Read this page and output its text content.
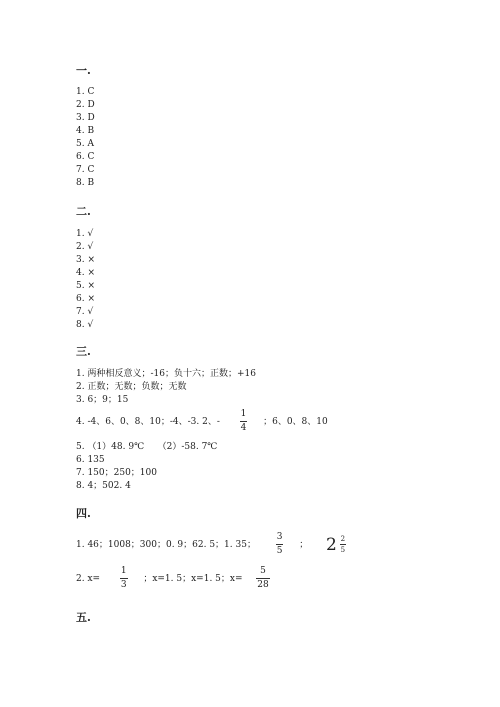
一.
1. C
2. D
3. D
4. B
5. A
6. C
7. C
8. B
二.
1. √
2. √
3. ×
4. ×
5. ×
6. ×
7. √
8. √
三.
1. 两种相反意义；-16；负十六；正数；+16
2. 正数；无数；负数；无数
3. 6；9；15
4. -4、6、0、8、10；-4、-3. 2、- $\frac{1}{4}$ ；6、0、8、10
5. （1）48. 9℃　　（2）-58. 7℃
6. 135
7. 150；250；100
8. 4；502. 4
四.
1. 46；1008；300；0. 9；62. 5；1. 35； $\frac{3}{5}$ ； $2 \frac{2}{5}$
2. $x= \frac{1}{3}$ ；x=1. 5；x=1. 5；$x= \frac{5}{28}$
五.
